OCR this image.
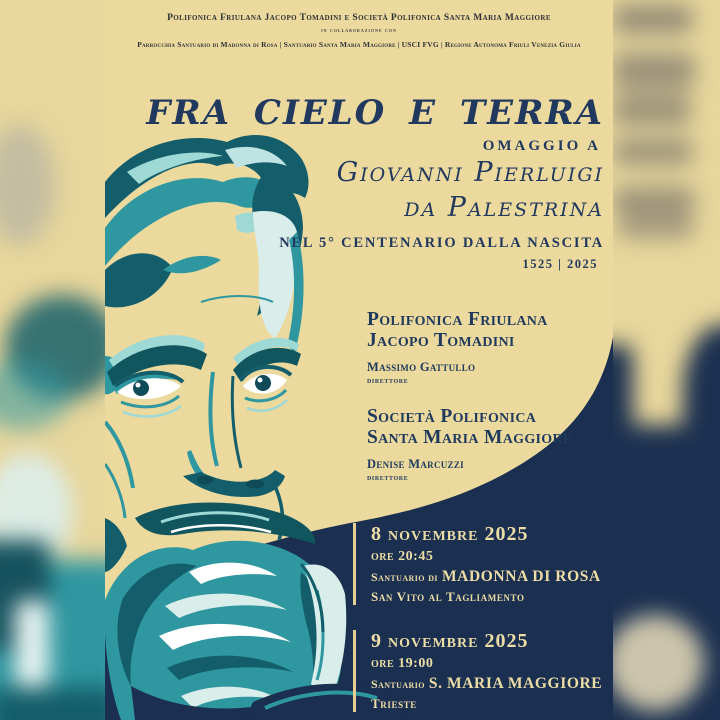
Polifonica Friulana Jacopo Tomadini e Società Polifonica Santa Maria Maggiore
in collaborazione con
Parrocchia Santuario di Madonna di Rosa | Santuario Santa Maria Maggiore | USCI FVG | Regione Autonoma Friuli Venezia Giulia
FRA CIELO E TERRA
OMAGGIO A
Giovanni Pierluigi
da Palestrina
NEL 5° CENTENARIO DALLA NASCITA
1525 | 2025
Polifonica Friulana
Jacopo Tomadini
Massimo Gattullo
direttore
Società Polifonica
Santa Maria Maggiore
Denise Marcuzzi
direttore
8 novembre 2025
ore 20:45
Santuario di MADONNA DI ROSA
San Vito al Tagliamento
9 novembre 2025
ore 19:00
Santuario S. MARIA MAGGIORE
Trieste
